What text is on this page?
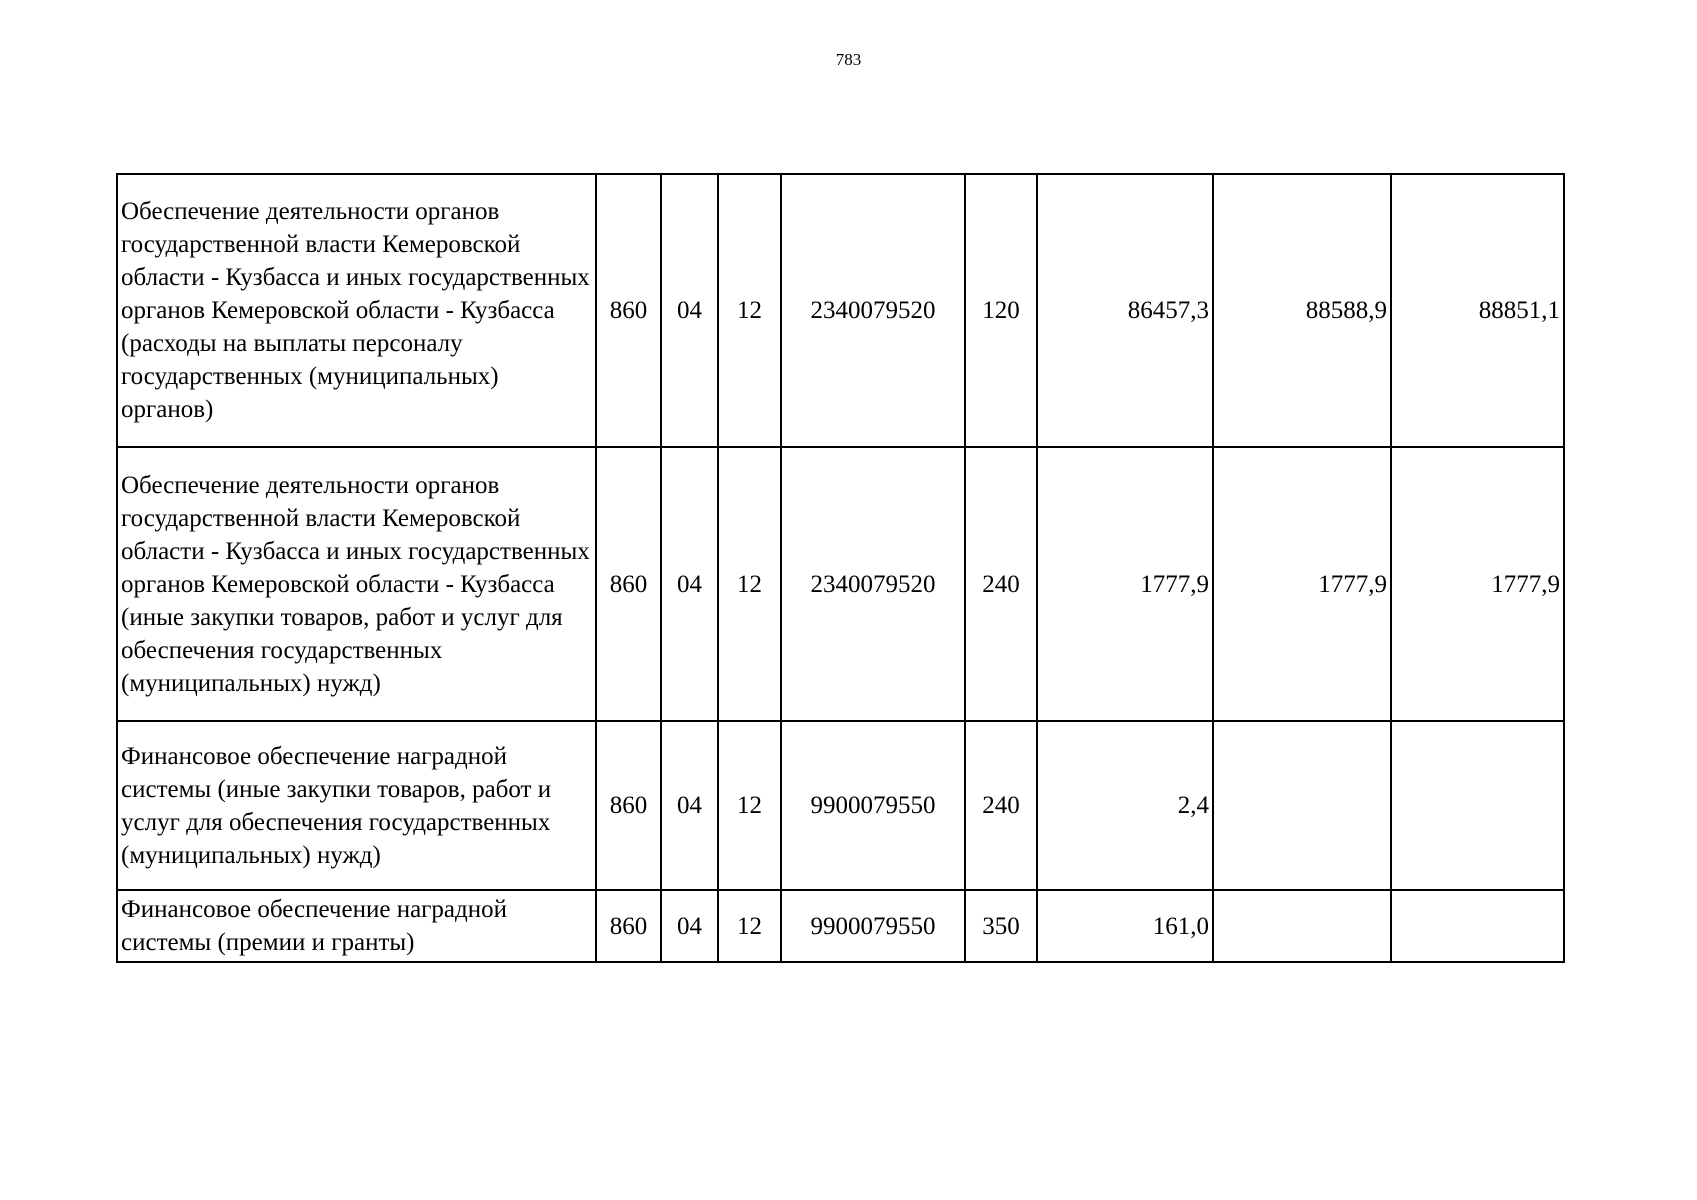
783
Обеспечение деятельности органов государственной власти Кемеровской области - Кузбасса и иных государственных органов Кемеровской области - Кузбасса (расходы на выплаты персоналу государственных (муниципальных) органов)	860	04	12	2340079520	120	86457,3	88588,9	88851,1
Обеспечение деятельности органов государственной власти Кемеровской области - Кузбасса и иных государственных органов Кемеровской области - Кузбасса (иные закупки товаров, работ и услуг для обеспечения государственных (муниципальных) нужд)	860	04	12	2340079520	240	1777,9	1777,9	1777,9
Финансовое обеспечение наградной системы (иные закупки товаров, работ и услуг для обеспечения государственных (муниципальных) нужд)	860	04	12	9900079550	240	2,4		
Финансовое обеспечение наградной системы (премии и гранты)	860	04	12	9900079550	350	161,0		
